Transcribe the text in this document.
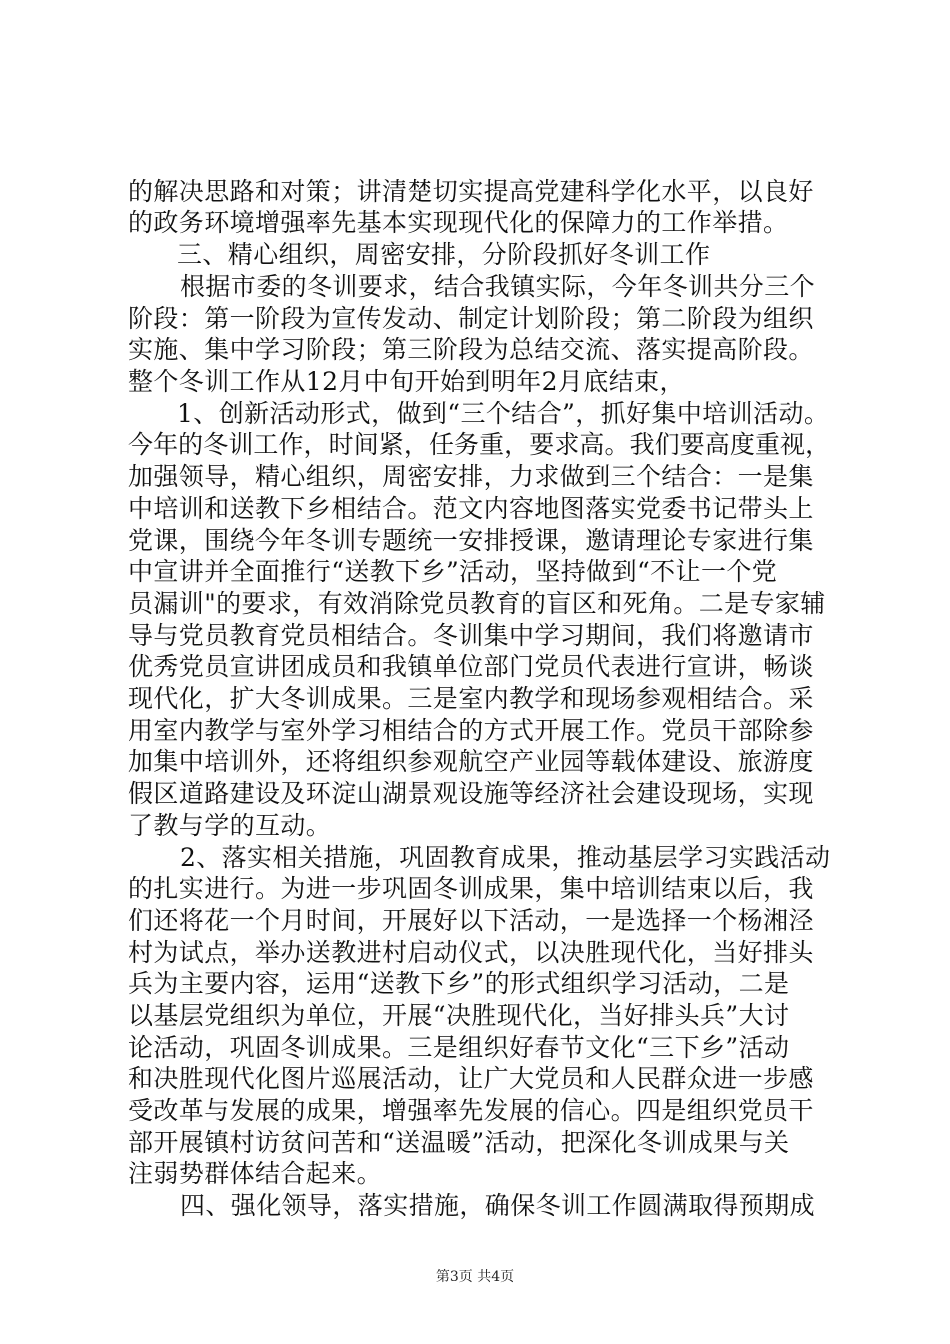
的解决思路和对策；讲清楚切实提高党建科学化水平，以良好
的政务环境增强率先基本实现现代化的保障力的工作举措。
三、精心组织，周密安排，分阶段抓好冬训工作
根据市委的冬训要求，结合我镇实际，今年冬训共分三个
阶段：第一阶段为宣传发动、制定计划阶段；第二阶段为组织
实施、集中学习阶段；第三阶段为总结交流、落实提高阶段。
整个冬训工作从12月中旬开始到明年2月底结束，
1、创新活动形式，做到“三个结合”，抓好集中培训活动。
今年的冬训工作，时间紧，任务重，要求高。我们要高度重视，
加强领导，精心组织，周密安排，力求做到三个结合：一是集
中培训和送教下乡相结合。范文内容地图落实党委书记带头上
党课，围绕今年冬训专题统一安排授课，邀请理论专家进行集
中宣讲并全面推行“送教下乡”活动，坚持做到“不让一个党
员漏训"的要求，有效消除党员教育的盲区和死角。二是专家辅
导与党员教育党员相结合。冬训集中学习期间，我们将邀请市
优秀党员宣讲团成员和我镇单位部门党员代表进行宣讲，畅谈
现代化，扩大冬训成果。三是室内教学和现场参观相结合。采
用室内教学与室外学习相结合的方式开展工作。党员干部除参
加集中培训外，还将组织参观航空产业园等载体建设、旅游度
假区道路建设及环淀山湖景观设施等经济社会建设现场，实现
了教与学的互动。
2、落实相关措施，巩固教育成果，推动基层学习实践活动
的扎实进行。为进一步巩固冬训成果，集中培训结束以后，我
们还将花一个月时间，开展好以下活动，一是选择一个杨湘泾
村为试点，举办送教进村启动仪式，以决胜现代化，当好排头
兵为主要内容，运用“送教下乡”的形式组织学习活动，二是
以基层党组织为单位，开展“决胜现代化，当好排头兵”大讨
论活动，巩固冬训成果。三是组织好春节文化“三下乡”活动
和决胜现代化图片巡展活动，让广大党员和人民群众进一步感
受改革与发展的成果，增强率先发展的信心。四是组织党员干
部开展镇村访贫问苦和“送温暖”活动，把深化冬训成果与关
注弱势群体结合起来。
四、强化领导，落实措施，确保冬训工作圆满取得预期成
第3页 共4页
